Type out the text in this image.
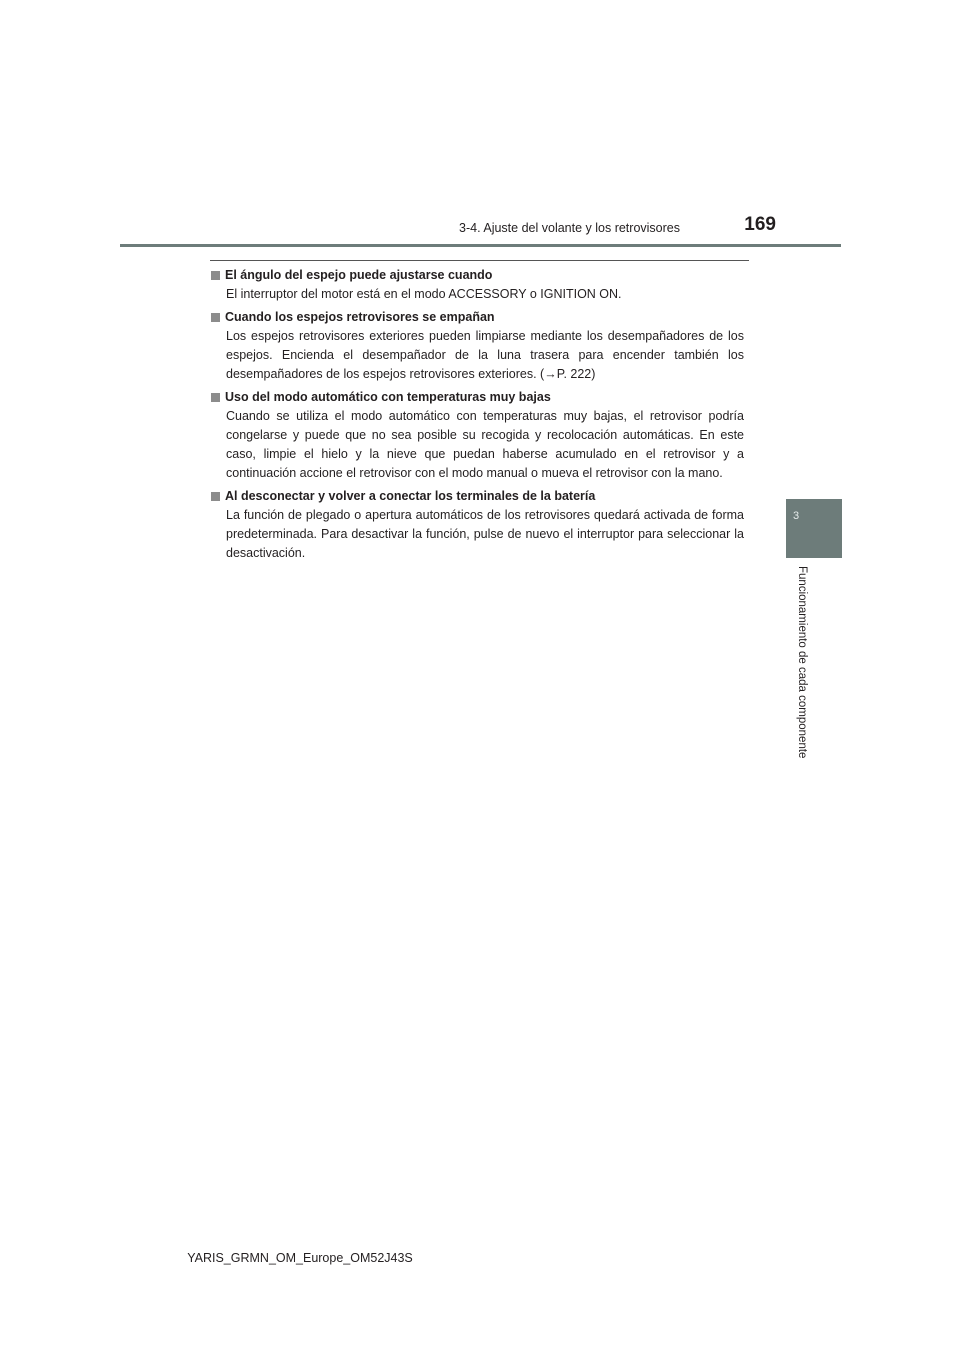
3-4. Ajuste del volante y los retrovisores	169
3
Funcionamiento de cada componente
El ángulo del espejo puede ajustarse cuando
El interruptor del motor está en el modo ACCESSORY o IGNITION ON.
Cuando los espejos retrovisores se empañan
Los espejos retrovisores exteriores pueden limpiarse mediante los desempañadores de los espejos. Encienda el desempañador de la luna trasera para encender también los desempañadores de los espejos retrovisores exteriores. (→P. 222)
Uso del modo automático con temperaturas muy bajas
Cuando se utiliza el modo automático con temperaturas muy bajas, el retrovisor podría congelarse y puede que no sea posible su recogida y recolocación automáticas. En este caso, limpie el hielo y la nieve que puedan haberse acumulado en el retrovisor y a continuación accione el retrovisor con el modo manual o mueva el retrovisor con la mano.
Al desconectar y volver a conectar los terminales de la batería
La función de plegado o apertura automáticos de los retrovisores quedará activada de forma predeterminada. Para desactivar la función, pulse de nuevo el interruptor para seleccionar la desactivación.
YARIS_GRMN_OM_Europe_OM52J43S
